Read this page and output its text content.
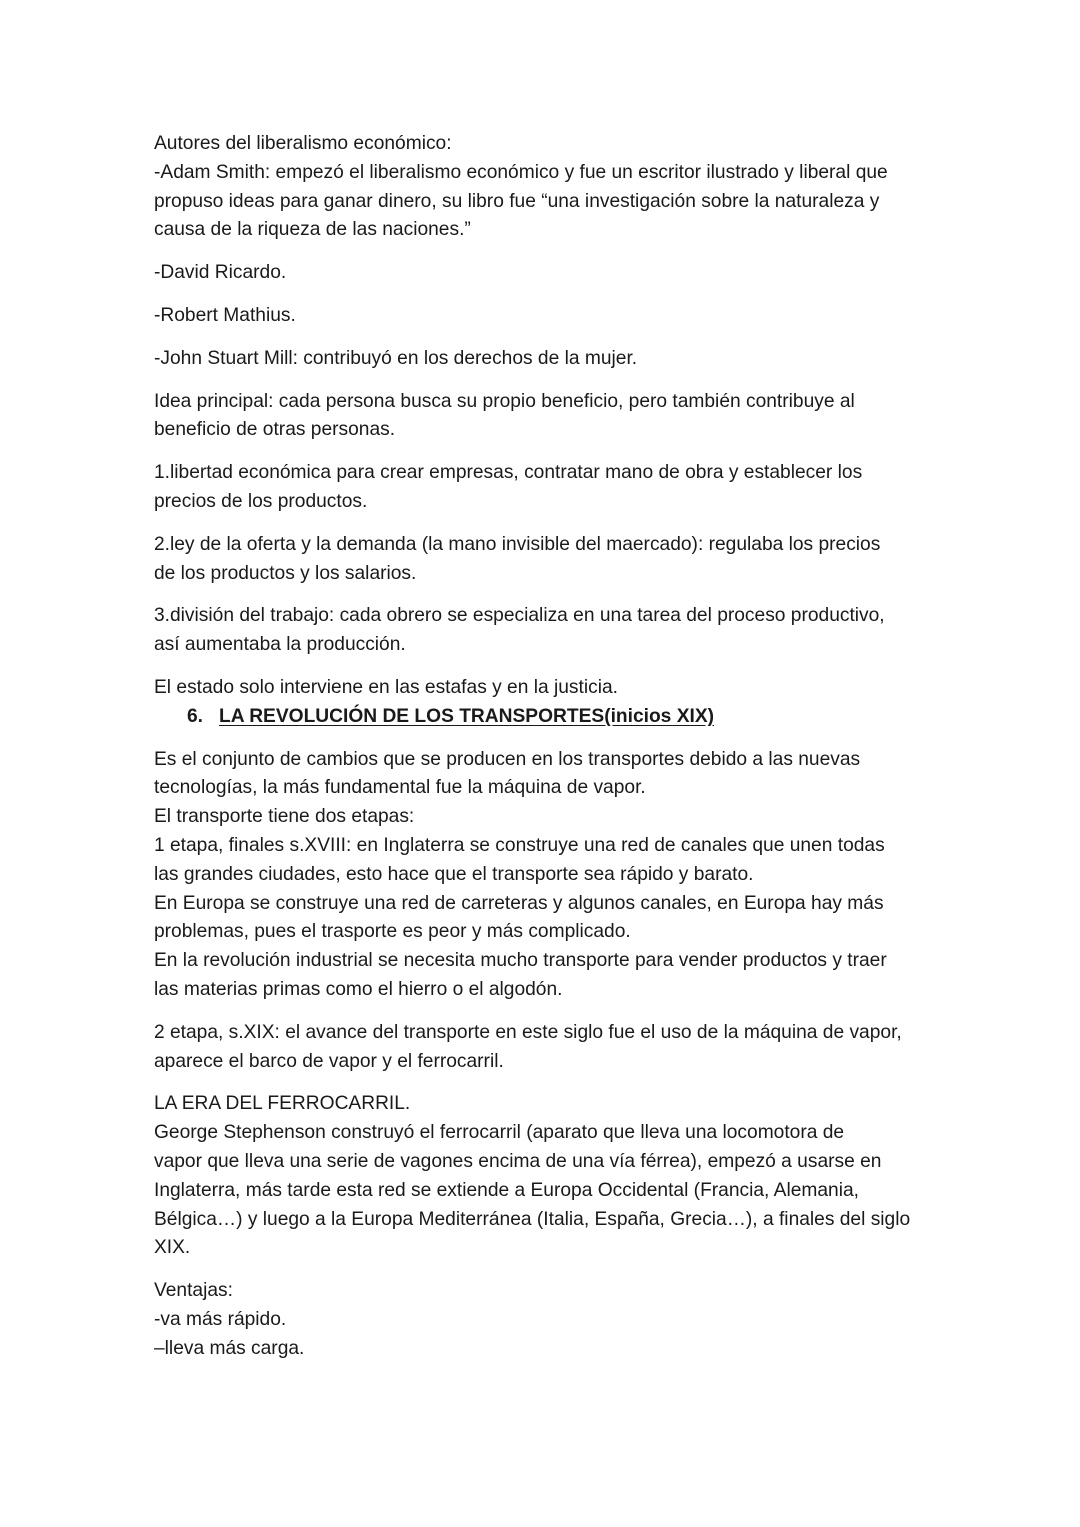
Autores del liberalismo económico:
-Adam Smith: empezó el liberalismo económico y fue un escritor ilustrado y liberal que
propuso ideas para ganar dinero, su libro fue “una investigación sobre la naturaleza y
causa de la riqueza de las naciones.”
-David Ricardo.
-Robert Mathius.
-John Stuart Mill: contribuyó en los derechos de la mujer.
Idea principal: cada persona busca su propio beneficio, pero también contribuye al
beneficio de otras personas.
1.libertad económica para crear empresas, contratar mano de obra y establecer los
precios de los productos.
2.ley de la oferta y la demanda (la mano invisible del maercado): regulaba los precios
de los productos y los salarios.
3.división del trabajo: cada obrero se especializa en una tarea del proceso productivo,
así aumentaba la producción.
El estado solo interviene en las estafas y en la justicia.
6. LA REVOLUCIÓN DE LOS TRANSPORTES(inicios XIX)
Es el conjunto de cambios que se producen en los transportes debido a las nuevas
tecnologías, la más fundamental fue la máquina de vapor.
El transporte tiene dos etapas:
1 etapa, finales s.XVIII: en Inglaterra se construye una red de canales que unen todas
las grandes ciudades, esto hace que el transporte sea rápido y barato.
En Europa se construye una red de carreteras y algunos canales, en Europa hay más
problemas, pues el trasporte es peor y más complicado.
En la revolución industrial se necesita mucho transporte para vender productos y traer
las materias primas como el hierro o el algodón.
2 etapa, s.XIX: el avance del transporte en este siglo fue el uso de la máquina de vapor,
aparece el barco de vapor y el ferrocarril.
LA ERA DEL FERROCARRIL.
George Stephenson construyó el ferrocarril (aparato que lleva una locomotora de
vapor que lleva una serie de vagones encima de una vía férrea), empezó a usarse en
Inglaterra, más tarde esta red se extiende a Europa Occidental (Francia, Alemania,
Bélgica…) y luego a la Europa Mediterránea (Italia, España, Grecia…), a finales del siglo
XIX.
Ventajas:
-va más rápido.
–lleva más carga.
